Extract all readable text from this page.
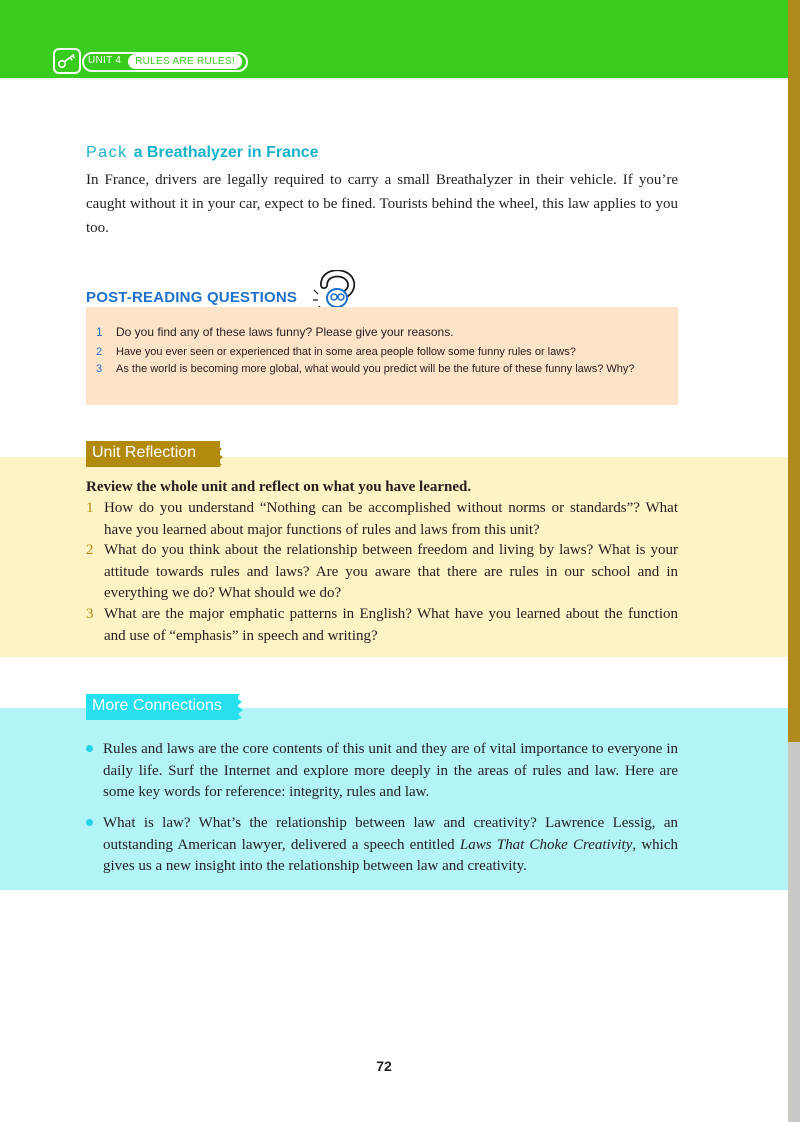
UNIT 4	RULES ARE RULES!
Pack a Breathalyzer in France
In France, drivers are legally required to carry a small Breathalyzer in their vehicle. If you’re caught without it in your car, expect to be fined. Tourists behind the wheel, this law applies to you too.
POST-READING QUESTIONS
1 Do you find any of these laws funny? Please give your reasons.
2 Have you ever seen or experienced that in some area people follow some funny rules or laws?
3 As the world is becoming more global, what would you predict will be the future of these funny laws? Why?
Unit Reflection
Review the whole unit and reflect on what you have learned.
1 How do you understand “Nothing can be accomplished without norms or standards”? What have you learned about major functions of rules and laws from this unit?
2 What do you think about the relationship between freedom and living by laws? What is your attitude towards rules and laws? Are you aware that there are rules in our school and in everything we do? What should we do?
3 What are the major emphatic patterns in English? What have you learned about the function and use of “emphasis” in speech and writing?
More Connections
Rules and laws are the core contents of this unit and they are of vital importance to everyone in daily life. Surf the Internet and explore more deeply in the areas of rules and law. Here are some key words for reference: integrity, rules and law.
What is law? What’s the relationship between law and creativity? Lawrence Lessig, an outstanding American lawyer, delivered a speech entitled Laws That Choke Creativity, which gives us a new insight into the relationship between law and creativity.
72
